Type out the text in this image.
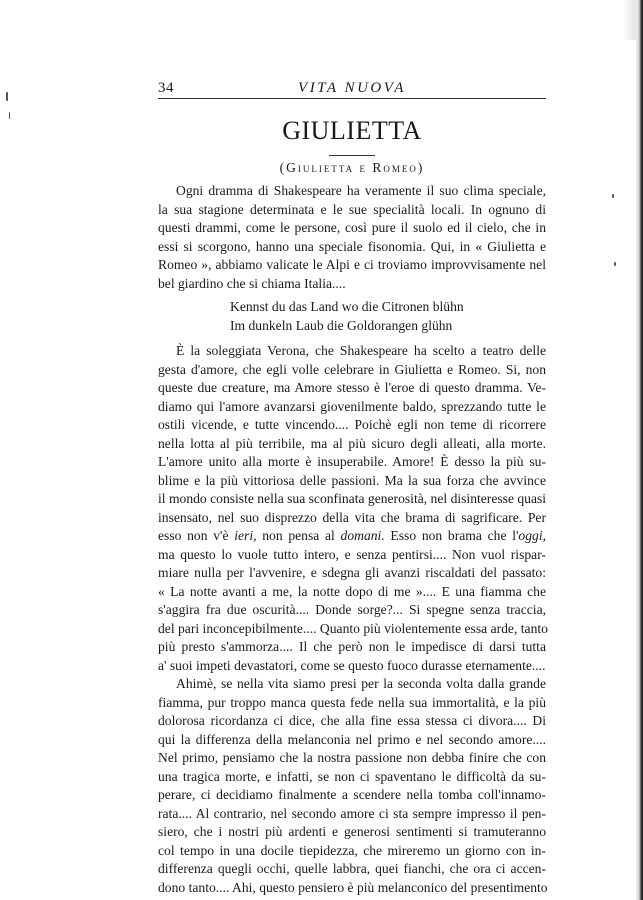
34	VITA NUOVA
GIULIETTA
(Giulietta e Romeo)
Ogni dramma di Shakespeare ha veramente il suo clima speciale,
la sua stagione determinata e le sue specialità locali. In ognuno di
questi drammi, come le persone, così pure il suolo ed il cielo, che in
essi si scorgono, hanno una speciale fisonomia. Qui, in « Giulietta e
Romeo », abbiamo valicate le Alpi e ci troviamo improvvisamente nel
bel giardino che si chiama Italia....
Kennst du das Land wo die Citronen blühn
Im dunkeln Laub die Goldorangen glühn
È la soleggiata Verona, che Shakespeare ha scelto a teatro delle
gesta d'amore, che egli volle celebrare in Giulietta e Romeo. Si, non
queste due creature, ma Amore stesso è l'eroe di questo dramma. Ve-
diamo qui l'amore avanzarsi giovenilmente baldo, sprezzando tutte le
ostili vicende, e tutte vincendo.... Poichè egli non teme di ricorrere
nella lotta al più terribile, ma al più sicuro degli alleati, alla morte.
L'amore unito alla morte è insuperabile. Amore! È desso la più su-
blime e la più vittoriosa delle passioni. Ma la sua forza che avvince
il mondo consiste nella sua sconfinata generosità, nel disinteresse quasi
insensato, nel suo disprezzo della vita che brama di sagrificare. Per
esso non v'è ieri, non pensa al domani. Esso non brama che l'oggi,
ma questo lo vuole tutto intero, e senza pentirsi.... Non vuol rispar-
miare nulla per l'avvenire, e sdegna gli avanzi riscaldati del passato:
« La notte avanti a me, la notte dopo di me ».... E una fiamma che
s'aggira fra due oscurità.... Donde sorge?... Si spegne senza traccia,
del pari inconcepibilmente.... Quanto più violentemente essa arde, tanto
più presto s'ammorza.... Il che però non le impedisce di darsi tutta
a' suoi impeti devastatori, come se questo fuoco durasse eternamente....
Ahimè, se nella vita siamo presi per la seconda volta dalla grande
fiamma, pur troppo manca questa fede nella sua immortalità, e la più
dolorosa ricordanza ci dice, che alla fine essa stessa ci divora.... Di
qui la differenza della melanconia nel primo e nel secondo amore....
Nel primo, pensiamo che la nostra passione non debba finire che con
una tragica morte, e infatti, se non ci spaventano le difficoltà da su-
perare, ci decidiamo finalmente a scendere nella tomba coll'innamo-
rata.... Al contrario, nel secondo amore ci sta sempre impresso il pen-
siero, che i nostri più ardenti e generosi sentimenti si tramuteranno
col tempo in una docile tiepidezza, che mireremo un giorno con in-
differenza quegli occhi, quelle labbra, quei fianchi, che ora ci accen-
dono tanto.... Ahi, questo pensiero è più melanconico del presentimento
